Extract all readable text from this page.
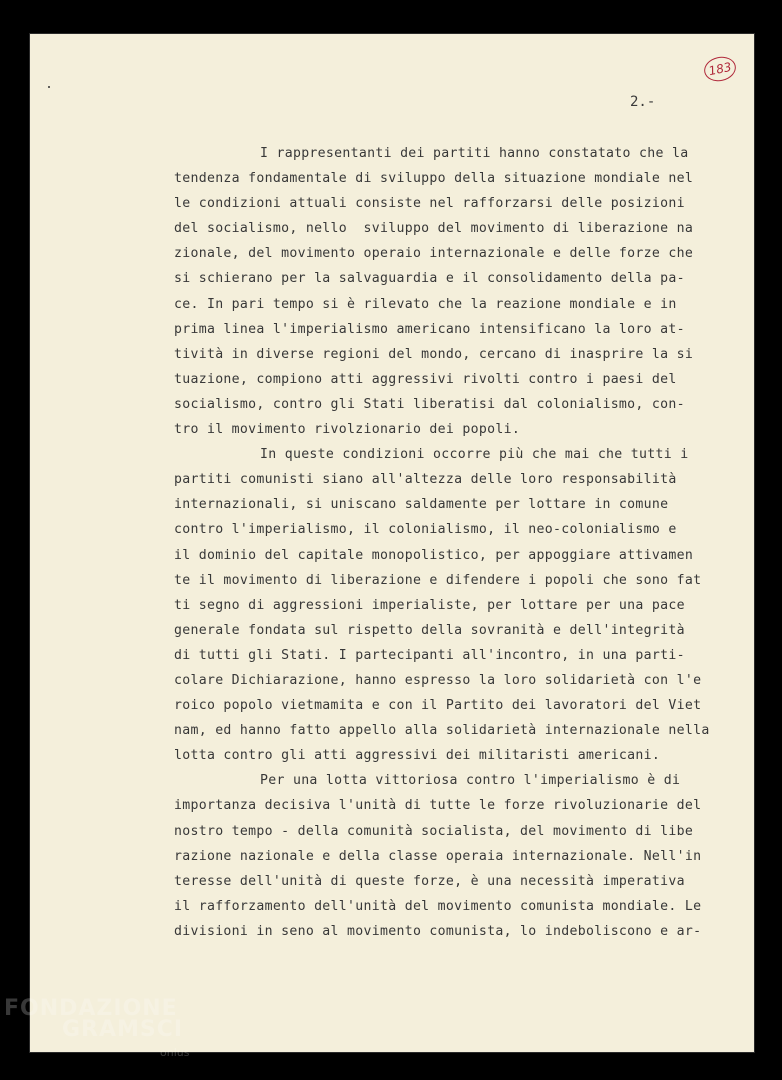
183
2.-
I rappresentanti dei partiti hanno constatato che la
tendenza fondamentale di sviluppo della situazione mondiale nel
le condizioni attuali consiste nel rafforzarsi delle posizioni
del socialismo, nello  sviluppo del movimento di liberazione na
zionale, del movimento operaio internazionale e delle forze che
si schierano per la salvaguardia e il consolidamento della pa-
ce. In pari tempo si è rilevato che la reazione mondiale e in
prima linea l'imperialismo americano intensificano la loro at-
tività in diverse regioni del mondo, cercano di inasprire la si
tuazione, compiono atti aggressivi rivolti contro i paesi del
socialismo, contro gli Stati liberatisi dal colonialismo, con-
tro il movimento rivolzionario dei popoli.
In queste condizioni occorre più che mai che tutti i
partiti comunisti siano all'altezza delle loro responsabilità
internazionali, si uniscano saldamente per lottare in comune
contro l'imperialismo, il colonialismo, il neo-colonialismo e
il dominio del capitale monopolistico, per appoggiare attivamen
te il movimento di liberazione e difendere i popoli che sono fat
ti segno di aggressioni imperialiste, per lottare per una pace
generale fondata sul rispetto della sovranità e dell'integrità
di tutti gli Stati. I partecipanti all'incontro, in una parti-
colare Dichiarazione, hanno espresso la loro solidarietà con l'e
roico popolo vietmamita e con il Partito dei lavoratori del Viet
nam, ed hanno fatto appello alla solidarietà internazionale nella
lotta contro gli atti aggressivi dei militaristi americani.
Per una lotta vittoriosa contro l'imperialismo è di
importanza decisiva l'unità di tutte le forze rivoluzionarie del
nostro tempo - della comunità socialista, del movimento di libe
razione nazionale e della classe operaia internazionale. Nell'in
teresse dell'unità di queste forze, è una necessità imperativa
il rafforzamento dell'unità del movimento comunista mondiale. Le
divisioni in seno al movimento comunista, lo indeboliscono e ar-
FONDAZIONE
GRAMSCI
onlus
